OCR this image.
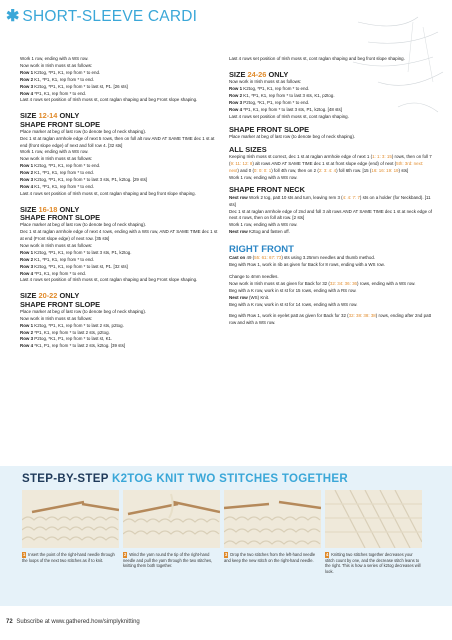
✱ SHORT-SLEEVE CARDI

Work 1 row, ending with a WS row.

Now work in Irish moss st as follows:

Row 1 K2tog, *P1, K1, rep from * to end.

Row 2 K1, *P1, K1, rep from * to end.

Row 3 K2tog, *P1, K1, rep from * to last st, P1. [26 sts]

Row 4 *P1, K1, rep from * to end.

Last 4 rows set position of Irish moss st, cont raglan shaping and beg Front slope shaping.

SIZE 12-14 ONLY
SHAPE FRONT SLOPE

Place marker at beg of last row (to denote beg of neck shaping).

Dec 1 st at raglan armhole edge of next 5 rows, then on foll alt row AND AT SAME TIME dec 1 st at end (front slope edge) of next and foll row 4. [32 sts]

Work 1 row, ending with a WS row.

Now work in Irish moss st as follows:

Row 1 K2tog, *P1, K1, rep from * to end.

Row 2 K1, *P1, K1, rep from * to end.

Row 3 K2tog, *P1, K1, rep from * to last 3 sts, P1, k2tog. [29 sts]

Row 4 K1, *P1, K1, rep from * to end.

Last 4 rows set position of Irish moss st, cont raglan shaping and beg front slope shaping.

SIZE 16-18 ONLY
SHAPE FRONT SLOPE

Place marker at beg of last row (to denote beg of neck shaping).

Dec 1 st at raglan armhole edge of next 4 rows, ending with a WS row, AND AT SAME TIME dec 1 st at end (Front slope edge) of next row. [35 sts]

Now work in Irish moss st as follows:

Row 1 K2tog, *P1, K1, rep from * to last 3 sts, P1, k2tog.

Row 2 K1, *P1, K1, rep from * to end.

Row 3 K2tog, *P1, K1, rep from * to last st, P1. [32 sts]

Row 4 *P1, K1, rep from * to end.

Last 4 rows set position of Irish moss st, cont raglan shaping and beg Front slope shaping.

SIZE 20-22 ONLY
SHAPE FRONT SLOPE

Place marker at beg of last row (to denote beg of neck shaping).

Now work in Irish moss st as follows:

Row 1 K2tog, *P1, K1, rep from * to last 2 sts, p2tog.

Row 2 *P1, K1, rep from * to last 2 sts, p2tog.

Row 3 P2tog, *K1, P1, rep from * to last st, K1.

Row 4 *K1, P1, rep from * to last 2 sts, k2tog. [39 sts]

Last 4 rows set position of Irish moss st, cont raglan shaping and beg front slope shaping.

SIZE 24-26 ONLY

Now work in Irish moss st as follows:

Row 1 K2tog, *P1, K1, rep from * to end.

Row 2 K1, *P1, K1, rep from * to last 3 sts, K1, p2tog.

Row 3 P2tog, *K1, P1, rep from * to end.

Row 4 *P1, K1, rep from * to last 3 sts, P1, k2tog. [48 sts]

Last 4 rows set position of Irish moss st, cont raglan shaping.

SHAPE FRONT SLOPE

Place marker at beg of last row (to denote beg of neck shaping).

ALL SIZES

Keeping Irish moss st correct, dec 1 st at raglan armhole edge of next 1 (1: 1: 3: 15) rows, then on foll 7 (9: 11: 12: 8) alt rows AND AT SAME TIME dec 1 st at front slope edge (end) of next (5th: 3rd: next: next) and 0 (0: 0: 0: 1) foll 4th row, then on 2 (2: 3: 4: 4) foll 6th row. [15 (16: 16: 19: 19) sts]

Work 1 row, ending with a WS row.

SHAPE FRONT NECK

Next row Work 2 tog, patt 10 sts and turn, leaving rem 3 (4: 4: 7: 7) sts on a holder (for Neckband). [11 sts]

Dec 1 st at raglan armhole edge of 2nd and foll 3 alt rows AND AT SAME TIME dec 1 st at neck edge of next 4 rows, then on foll alt row. [2 sts]

Work 1 row, ending with a WS row.

Next row K2tog and fasten off.

RIGHT FRONT

Cast on 49 (55: 61: 67: 73) sts using 3.25mm needles and thumb method.

Beg with Row 1, work in rib as given for Back for 8 rows, ending with a WS row.

Change to 4mm needles.

Now work in Irish moss st as given for Back for 32 (32: 34: 36: 36) rows, ending with a WS row.

Beg with a K row, work in st st for 15 rows, ending with a RS row.

Next row (WS) Knit.

Beg with a K row, work in st st for 14 rows, ending with a WS row.

Beg with Row 1, work in eyelet patt as given for Back for 32 (32: 38: 38: 38) rows, ending after 2nd patt row and with a WS row.

STEP-BY-STEP K2TOG KNIT TWO STITCHES TOGETHER
1 Insert the point of the right-hand needle through the loops of the next two stitches as if to knit.
2 Wind the yarn round the tip of the right-hand needle and pull the yarn through the two stitches, knitting them both together.
3 Drop the two stitches from the left-hand needle and keep the new stitch on the right-hand needle.
4 Knitting two stitches together decreases your stitch count by one, and the decrease stitch leans to the right. This is how a series of k2tog decreases will look.
72 Subscribe at www.gathered.how/simplyknitting
